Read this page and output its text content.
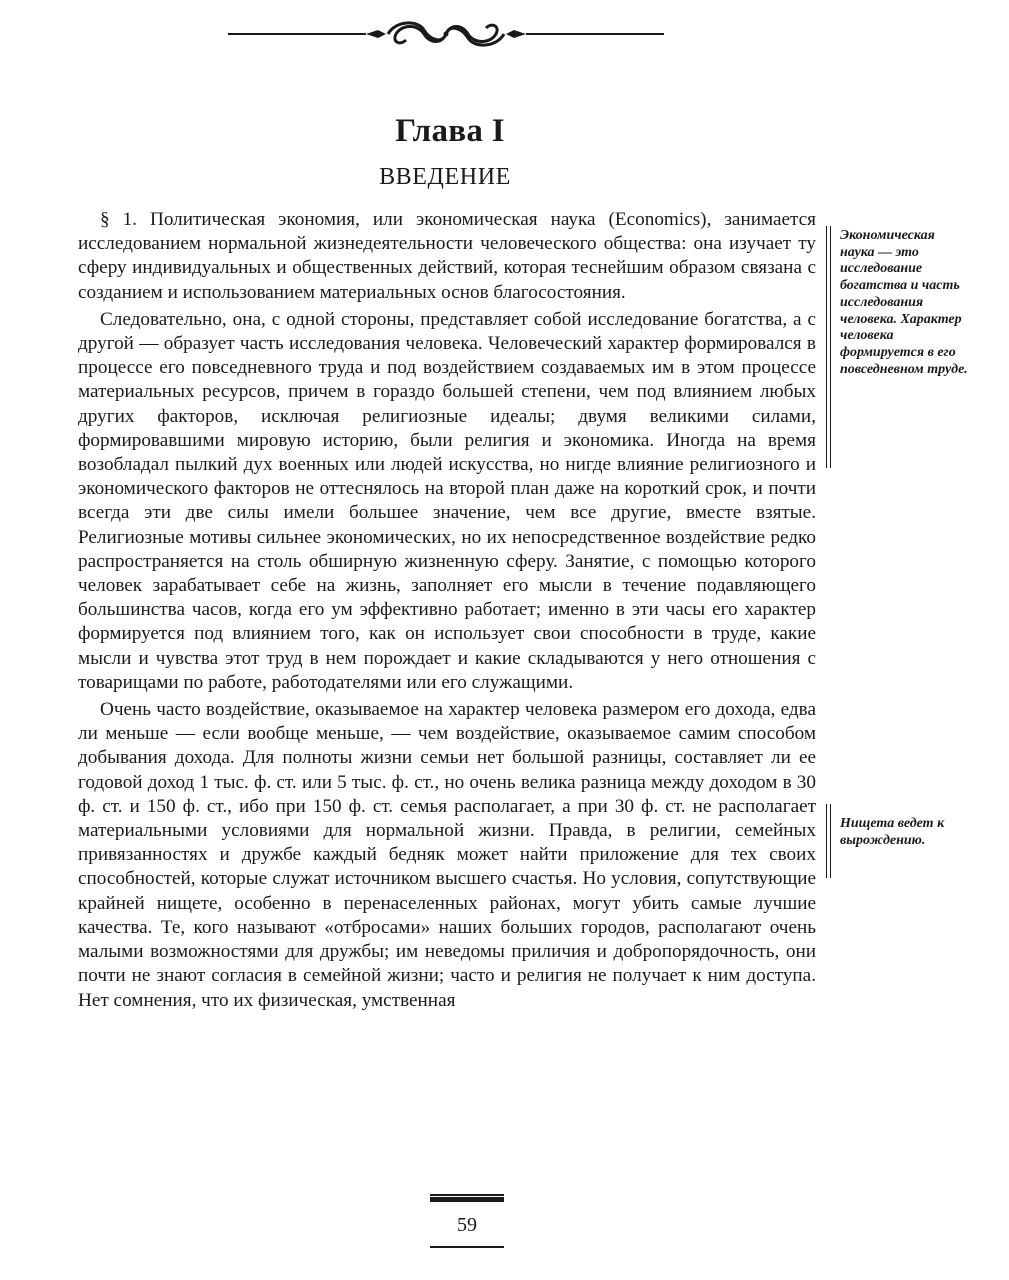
Глава I
ВВЕДЕНИЕ

§ 1. Политическая экономия, или экономическая наука (Economics), занимается исследованием нормальной жизнедеятельности человеческого общества: она изучает ту сферу индивидуальных и общественных действий, которая теснейшим образом связана с созданием и использованием материальных основ благосостояния.

Следовательно, она, с одной стороны, представляет собой исследование богатства, а с другой — образует часть исследования человека. Человеческий характер формировался в процессе его повседневного труда и под воздействием создаваемых им в этом процессе материальных ресурсов, причем в гораздо большей степени, чем под влиянием любых других факторов, исключая религиозные идеалы; двумя великими силами, формировавшими мировую историю, были религия и экономика. Иногда на время возобладал пылкий дух военных или людей искусства, но нигде влияние религиозного и экономического факторов не оттеснялось на второй план даже на короткий срок, и почти всегда эти две силы имели большее значение, чем все другие, вместе взятые. Религиозные мотивы сильнее экономических, но их непосредственное воздействие редко распространяется на столь обширную жизненную сферу. Занятие, с помощью которого человек зарабатывает себе на жизнь, заполняет его мысли в течение подавляющего большинства часов, когда его ум эффективно работает; именно в эти часы его характер формируется под влиянием того, как он использует свои способности в труде, какие мысли и чувства этот труд в нем порождает и какие складываются у него отношения с товарищами по работе, работодателями или его служащими.

Очень часто воздействие, оказываемое на характер человека размером его дохода, едва ли меньше — если вообще меньше, — чем воздействие, оказываемое самим способом добывания дохода. Для полноты жизни семьи нет большой разницы, составляет ли ее годовой доход 1 тыс. ф. ст. или 5 тыс. ф. ст., но очень велика разница между доходом в 30 ф. ст. и 150 ф. ст., ибо при 150 ф. ст. семья располагает, а при 30 ф. ст. не располагает материальными условиями для нормальной жизни. Правда, в религии, семейных привязанностях и дружбе каждый бедняк может найти приложение для тех своих способностей, которые служат источником высшего счастья. Но условия, сопутствующие крайней нищете, особенно в перенаселенных районах, могут убить самые лучшие качества. Те, кого называют «отбросами» наших больших городов, располагают очень малыми возможностями для дружбы; им неведомы приличия и добропорядочность, они почти не знают согласия в семейной жизни; часто и религия не получает к ним доступа. Нет сомнения, что их физическая, умственная

Экономическая наука — это исследование богатства и часть исследования человека. Характер человека формируется в его повседневном труде.
Нищета ведет к вырождению.
59
